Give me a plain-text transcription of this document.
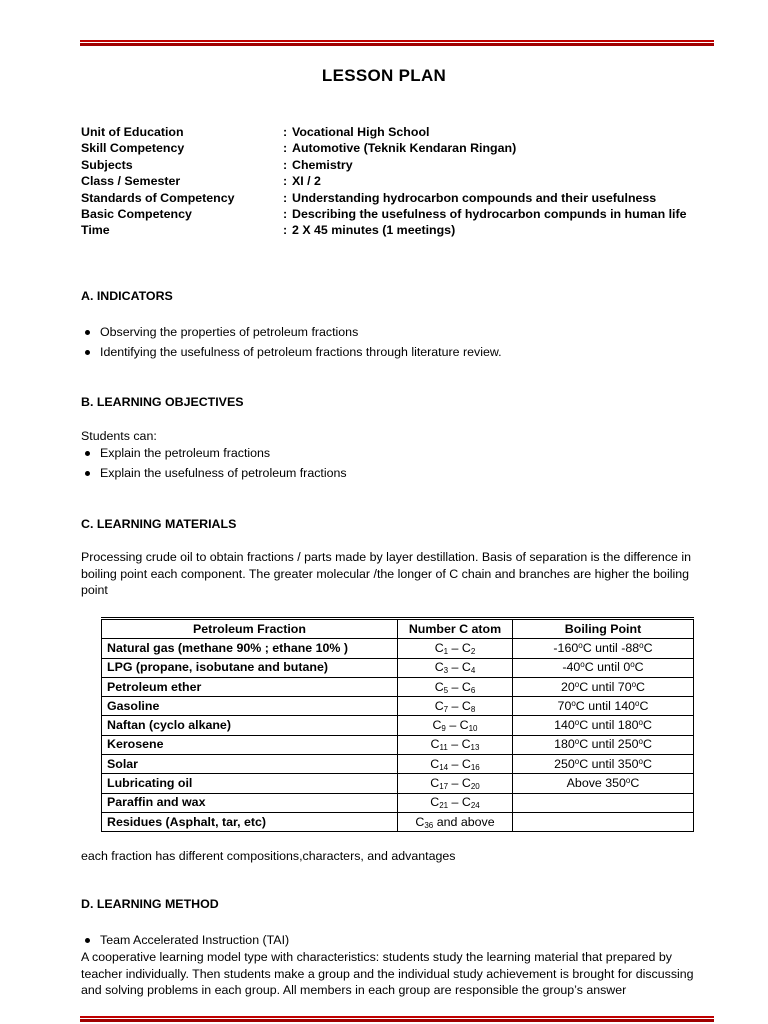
LESSON PLAN
Unit of Education	: Vocational High School
Skill Competency	: Automotive (Teknik Kendaran Ringan)
Subjects	: Chemistry
Class / Semester	: XI / 2
Standards of Competency	: Understanding hydrocarbon compounds and their usefulness
Basic Competency	: Describing the usefulness of hydrocarbon compunds in human life
Time	: 2 X 45 minutes (1 meetings)
A. INDICATORS
Observing the properties of petroleum fractions
Identifying the usefulness of petroleum fractions through literature review.
B. LEARNING OBJECTIVES
Students can:
Explain the petroleum fractions
Explain the usefulness of petroleum fractions
C. LEARNING MATERIALS
Processing crude oil to obtain fractions / parts made by layer destillation. Basis of separation is the difference in boiling point each component. The greater molecular /the longer of C chain and branches are higher the boiling point
Petroleum Fraction	Number C atom	Boiling Point
Natural gas (methane 90% ; ethane 10% )	$C_1 - C_2$	-160$^o$C until -88$^o$C
LPG (propane, isobutane and butane)	$C_3 - C_4$	-40$^o$C until 0$^o$C
Petroleum ether	$C_5 - C_6$	20$^o$C until 70$^o$C
Gasoline	$C_7 - C_8$	70$^o$C until 140$^o$C
Naftan (cyclo alkane)	$C_9 - C_{10}$	140$^o$C until 180$^o$C
Kerosene	$C_{11} - C_{13}$	180$^o$C until 250$^o$C
Solar	$C_{14} - C_{16}$	250$^o$C until 350$^o$C
Lubricating oil	$C_{17} - C_{20}$	Above 350$^o$C
Paraffin and wax	$C_{21} - C_{24}$	
Residues (Asphalt, tar, etc)	$C_{36}$ and above	
each fraction has different compositions,characters, and advantages
D. LEARNING METHOD
Team Accelerated Instruction (TAI)
A cooperative learning model type with characteristics: students study the learning material that prepared by teacher individually. Then students make a group and the individual study achievement is brought for discussing and solving problems in each group. All members in each group are responsible the group’s answer
